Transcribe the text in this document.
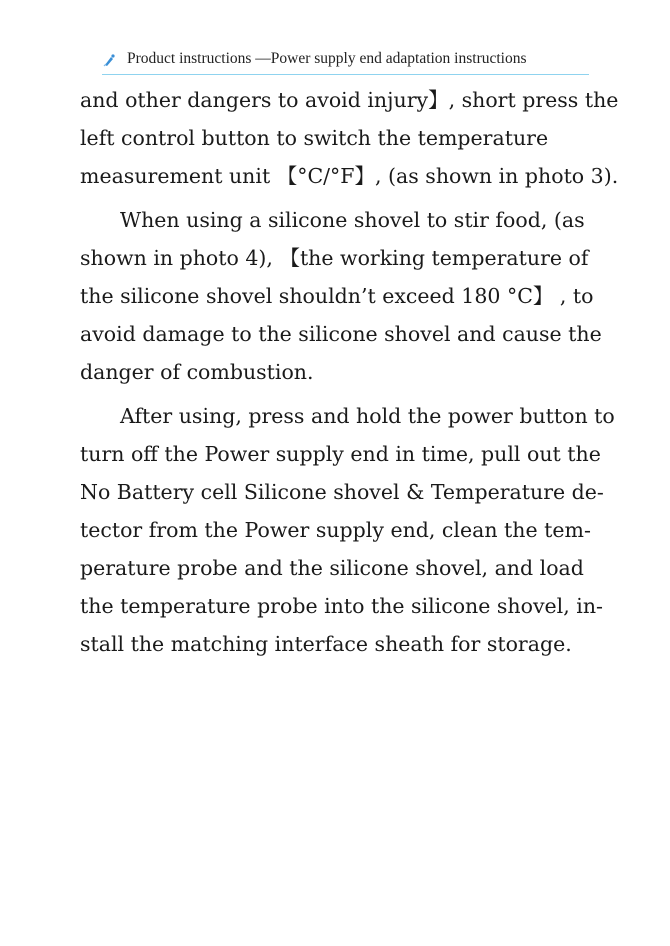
Product instructions —Power supply end adaptation instructions
and other dangers to avoid injury】, short press the
left control button to switch the temperature
measurement unit 【°C/°F】, (as shown in photo 3).
When using a silicone shovel to stir food, (as
shown in photo 4), 【the working temperature of
the silicone shovel shouldn’t exceed 180 °C】 , to
avoid damage to the silicone shovel and cause the
danger of combustion.
After using, press and hold the power button to
turn off the Power supply end in time, pull out the
No Battery cell Silicone shovel & Temperature de-
tector from the Power supply end, clean the tem-
perature probe and the silicone shovel, and load
the temperature probe into the silicone shovel, in-
stall the matching interface sheath for storage.
